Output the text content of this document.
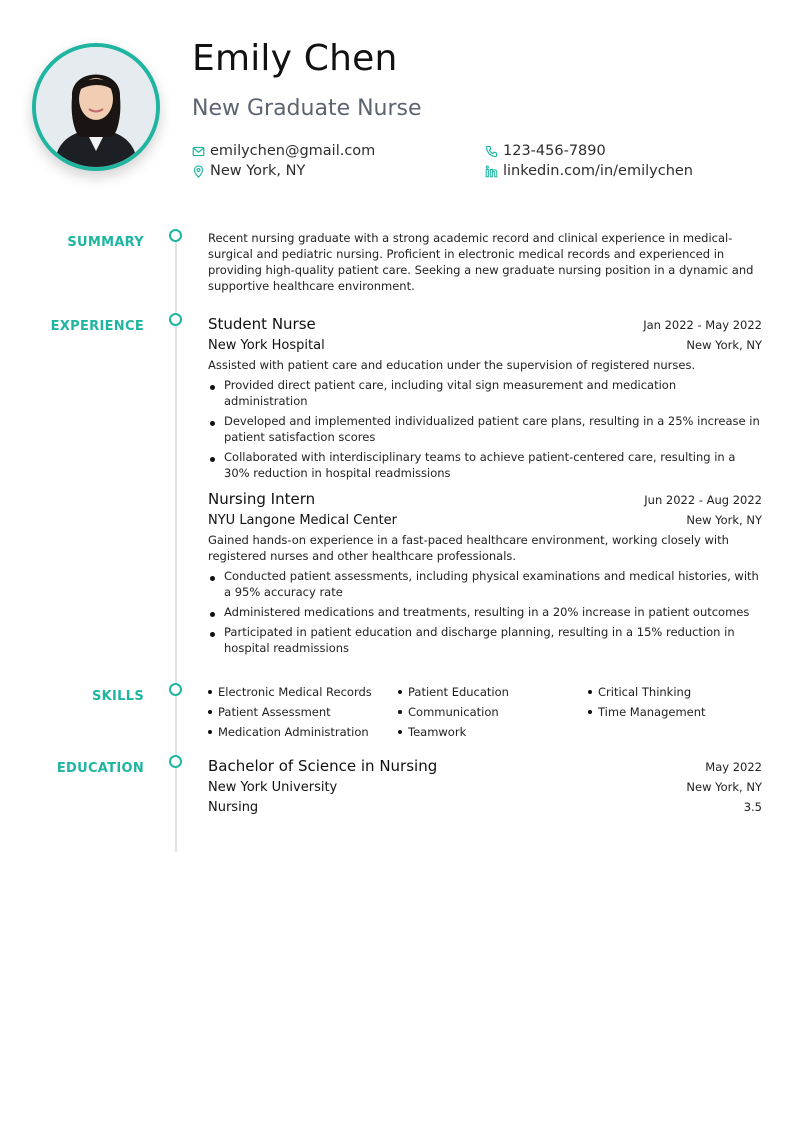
Emily Chen
New Graduate Nurse
emilychen@gmail.com	123-456-7890
New York, NY	linkedin.com/in/emilychen
SUMMARY
EXPERIENCE
SKILLS
EDUCATION

Recent nursing graduate with a strong academic record and clinical experience in medical-surgical and pediatric nursing. Proficient in electronic medical records and experienced in providing high-quality patient care. Seeking a new graduate nursing position in a dynamic and supportive healthcare environment.

Student Nurse	Jan 2022 - May 2022
New York Hospital	New York, NY

Assisted with patient care and education under the supervision of registered nurses.

Provided direct patient care, including vital sign measurement and medication administration
Developed and implemented individualized patient care plans, resulting in a 25% increase in patient satisfaction scores
Collaborated with interdisciplinary teams to achieve patient-centered care, resulting in a 30% reduction in hospital readmissions
Nursing Intern	Jun 2022 - Aug 2022
NYU Langone Medical Center	New York, NY

Gained hands-on experience in a fast-paced healthcare environment, working closely with registered nurses and other healthcare professionals.

Conducted patient assessments, including physical examinations and medical histories, with a 95% accuracy rate
Administered medications and treatments, resulting in a 20% increase in patient outcomes
Participated in patient education and discharge planning, resulting in a 15% reduction in hospital readmissions
Electronic Medical Records	Patient Education	Critical Thinking
Patient Assessment	Communication	Time Management
Medication Administration	Teamwork
Bachelor of Science in Nursing	May 2022
New York University	New York, NY
Nursing	3.5
